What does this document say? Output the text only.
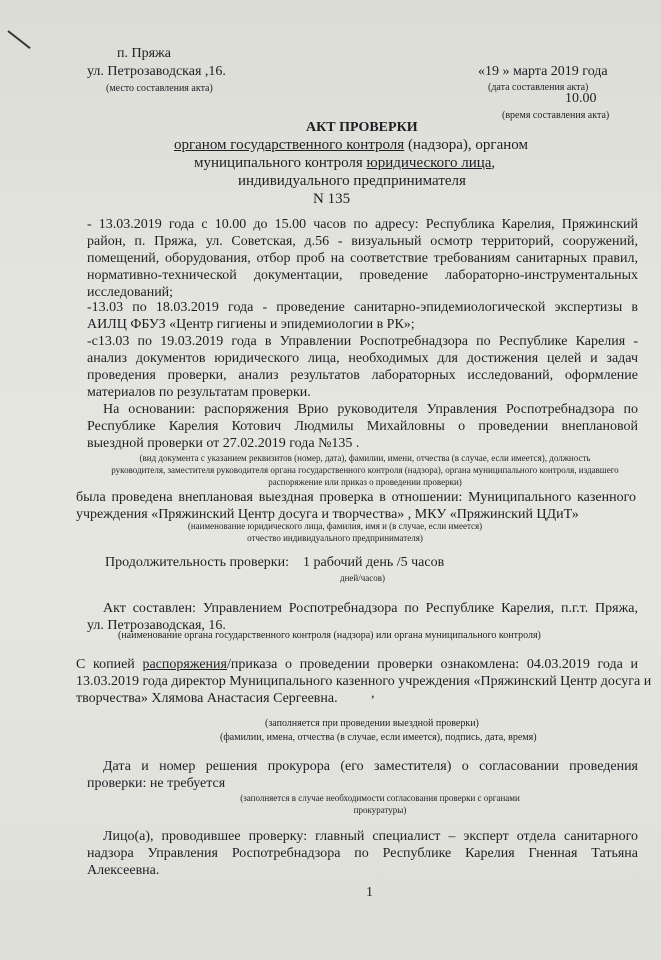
п. Пряжа
ул. Петрозаводская ,16.
(место составления акта)
«19 » марта 2019 года
(дата составления акта)
10.00
(время составления акта)
АКТ ПРОВЕРКИ
органом государственного контроля (надзора), органом
муниципального контроля юридического лица,
индивидуального предпринимателя
N 135
- 13.03.2019 года с 10.00 до 15.00 часов по адресу: Республика Карелия, Пряжинский
район, п. Пряжа, ул. Советская, д.56 - визуальный осмотр территорий, сооружений,
помещений, оборудования, отбор проб на соответствие требованиям санитарных правил,
нормативно-технической документации, проведение лабораторно-инструментальных
исследований;
-13.03 по 18.03.2019 года - проведение санитарно-эпидемиологической экспертизы в
АИЛЦ ФБУЗ «Центр гигиены и эпидемиологии в РК»;
-с13.03 по 19.03.2019 года в Управлении Роспотребнадзора по Республике Карелия -
анализ документов юридического лица, необходимых для достижения целей и задач
проведения проверки, анализ результатов лабораторных исследований, оформление
материалов по результатам проверки.
На основании: распоряжения Врио руководителя Управления Роспотребнадзора по
Республике Карелия Котович Людмилы Михайловны о проведении внеплановой
выездной проверки от 27.02.2019 года №135 .
(вид документа с указанием реквизитов (номер, дата), фамилии, имени, отчества (в случае, если имеется), должность
руководителя, заместителя руководителя органа государственного контроля (надзора), органа муниципального контроля, издавшего
распоряжение или приказ о проведении проверки)
была проведена внеплановая выездная проверка в отношении: Муниципального казенного
учреждения «Пряжинский Центр досуга и творчества» , МКУ «Пряжинский ЦДиТ»
(наименование юридического лица, фамилия, имя и (в случае, если имеется)
отчество индивидуального предпринимателя)
Продолжительность проверки: 1 рабочий день /5 часов
дней/часов)
Акт составлен: Управлением Роспотребнадзора по Республике Карелия, п.г.т. Пряжа,
ул. Петрозаводская, 16.
(наименование органа государственного контроля (надзора) или органа муниципального контроля)
С копией распоряжения/приказа о проведении проверки ознакомлена: 04.03.2019 года и
13.03.2019 года директор Муниципального казенного учреждения «Пряжинский Центр досуга и
творчества» Хлямова Анастасия Сергеевна.	,
(заполняется при проведении выездной проверки)
(фамилии, имена, отчества (в случае, если имеется), подпись, дата, время)
Дата и номер решения прокурора (его заместителя) о согласовании проведения
проверки: не требуется
(заполняется в случае необходимости согласования проверки с органами
прокуратуры)
Лицо(а), проводившее проверку: главный специалист – эксперт отдела санитарного
надзора Управления Роспотребнадзора по Республике Карелия Гненная Татьяна
Алексеевна.
1
